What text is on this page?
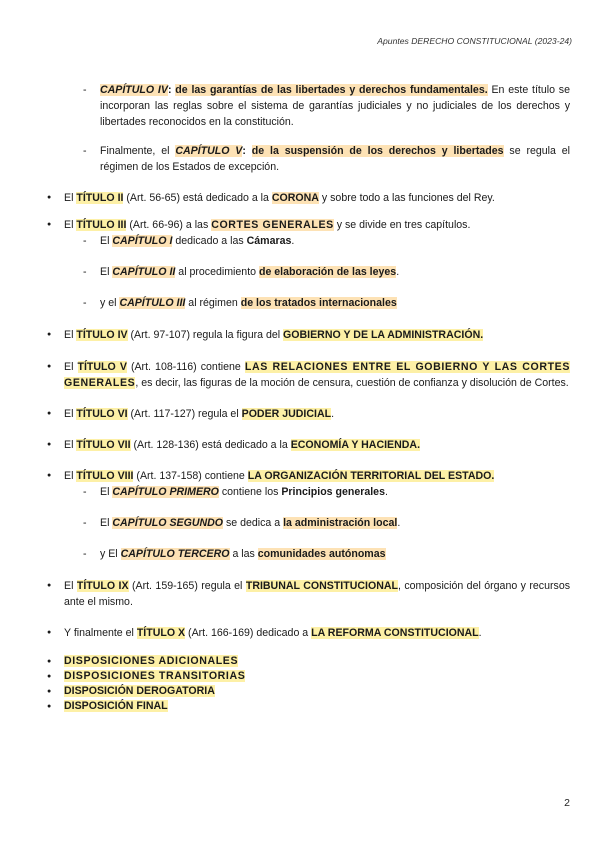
Apuntes DERECHO CONSTITUCIONAL (2023-24)
- CAPÍTULO IV: de las garantías de las libertades y derechos fundamentales. En este título se incorporan las reglas sobre el sistema de garantías judiciales y no judiciales de los derechos y libertades reconocidos en la constitución.
- Finalmente, el CAPÍTULO V: de la suspensión de los derechos y libertades se regula el régimen de los Estados de excepción.
● El TÍTULO II (Art. 56-65) está dedicado a la CORONA y sobre todo a las funciones del Rey.
● El TÍTULO III (Art. 66-96) a las CORTES GENERALES y se divide en tres capítulos.
- El CAPÍTULO I dedicado a las Cámaras.
- El CAPÍTULO II al procedimiento de elaboración de las leyes.
- y el CAPÍTULO III al régimen de los tratados internacionales
● El TÍTULO IV (Art. 97-107) regula la figura del GOBIERNO Y DE LA ADMINISTRACIÓN.
● El TÍTULO V (Art. 108-116) contiene LAS RELACIONES ENTRE EL GOBIERNO Y LAS CORTES GENERALES, es decir, las figuras de la moción de censura, cuestión de confianza y disolución de Cortes.
● El TÍTULO VI (Art. 117-127) regula el PODER JUDICIAL.
● El TÍTULO VII (Art. 128-136) está dedicado a la ECONOMÍA Y HACIENDA.
● El TÍTULO VIII (Art. 137-158) contiene LA ORGANIZACIÓN TERRITORIAL DEL ESTADO.
- El CAPÍTULO PRIMERO contiene los Principios generales.
- El CAPÍTULO SEGUNDO se dedica a la administración local.
- y El CAPÍTULO TERCERO a las comunidades autónomas
● El TÍTULO IX (Art. 159-165) regula el TRIBUNAL CONSTITUCIONAL, composición del órgano y recursos ante el mismo.
● Y finalmente el TÍTULO X (Art. 166-169) dedicado a LA REFORMA CONSTITUCIONAL.
● DISPOSICIONES ADICIONALES
● DISPOSICIONES TRANSITORIAS
● DISPOSICIÓN DEROGATORIA
● DISPOSICIÓN FINAL
2
